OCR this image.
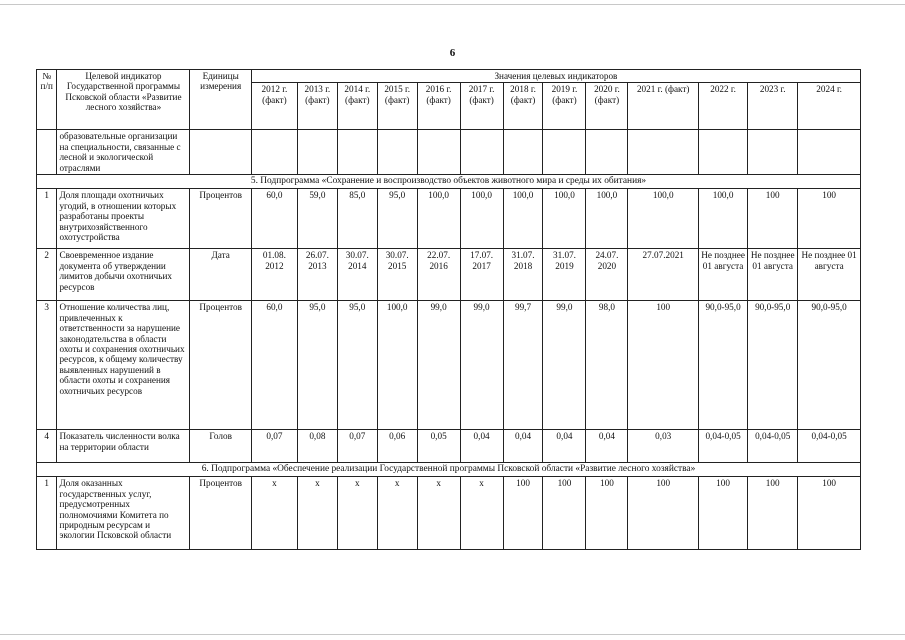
6
№ п/п	Целевой индикатор Государственной программы Псковской области «Развитие лесного хозяйства»	Единицы измерения	Значения целевых индикаторов												
			2012 г. (факт)	2013 г. (факт)	2014 г. (факт)	2015 г. (факт)	2016 г. (факт)	2017 г. (факт)	2018 г. (факт)	2019 г. (факт)	2020 г. (факт)	2021 г. (факт)	2022 г.	2023 г.	2024 г.
	образовательные организации на специальности, связанные с лесной и экологической отраслями														
5. Подпрограмма «Сохранение и воспроизводство объектов животного мира и среды их обитания»															
1	Доля площади охотничьих угодий, в отношении которых разработаны проекты внутрихозяйственного охотустройства	Процентов	60,0	59,0	85,0	95,0	100,0	100,0	100,0	100,0	100,0	100,0	100,0	100	100
2	Своевременное издание документа об утверждении лимитов добычи охотничьих ресурсов	Дата	01.08. 2012	26.07. 2013	30.07. 2014	30.07. 2015	22.07. 2016	17.07. 2017	31.07. 2018	31.07. 2019	24.07. 2020	27.07.2021	Не позднее 01 августа	Не позднее 01 августа	Не позднее 01 августа
3	Отношение количества лиц, привлеченных к ответственности за нарушение законодательства в области охоты и сохранения охотничьих ресурсов, к общему количеству выявленных нарушений в области охоты и сохранения охотничьих ресурсов	Процентов	60,0	95,0	95,0	100,0	99,0	99,0	99,7	99,0	98,0	100	90,0-95,0	90,0-95,0	90,0-95,0
4	Показатель численности волка на территории области	Голов	0,07	0,08	0,07	0,06	0,05	0,04	0,04	0,04	0,04	0,03	0,04-0,05	0,04-0,05	0,04-0,05
6. Подпрограмма «Обеспечение реализации Государственной программы Псковской области «Развитие лесного хозяйства»															
1	Доля оказанных государственных услуг, предусмотренных полномочиями Комитета по природным ресурсам и экологии Псковской области	Процентов	х	х	х	х	х	х	100	100	100	100	100	100	100
